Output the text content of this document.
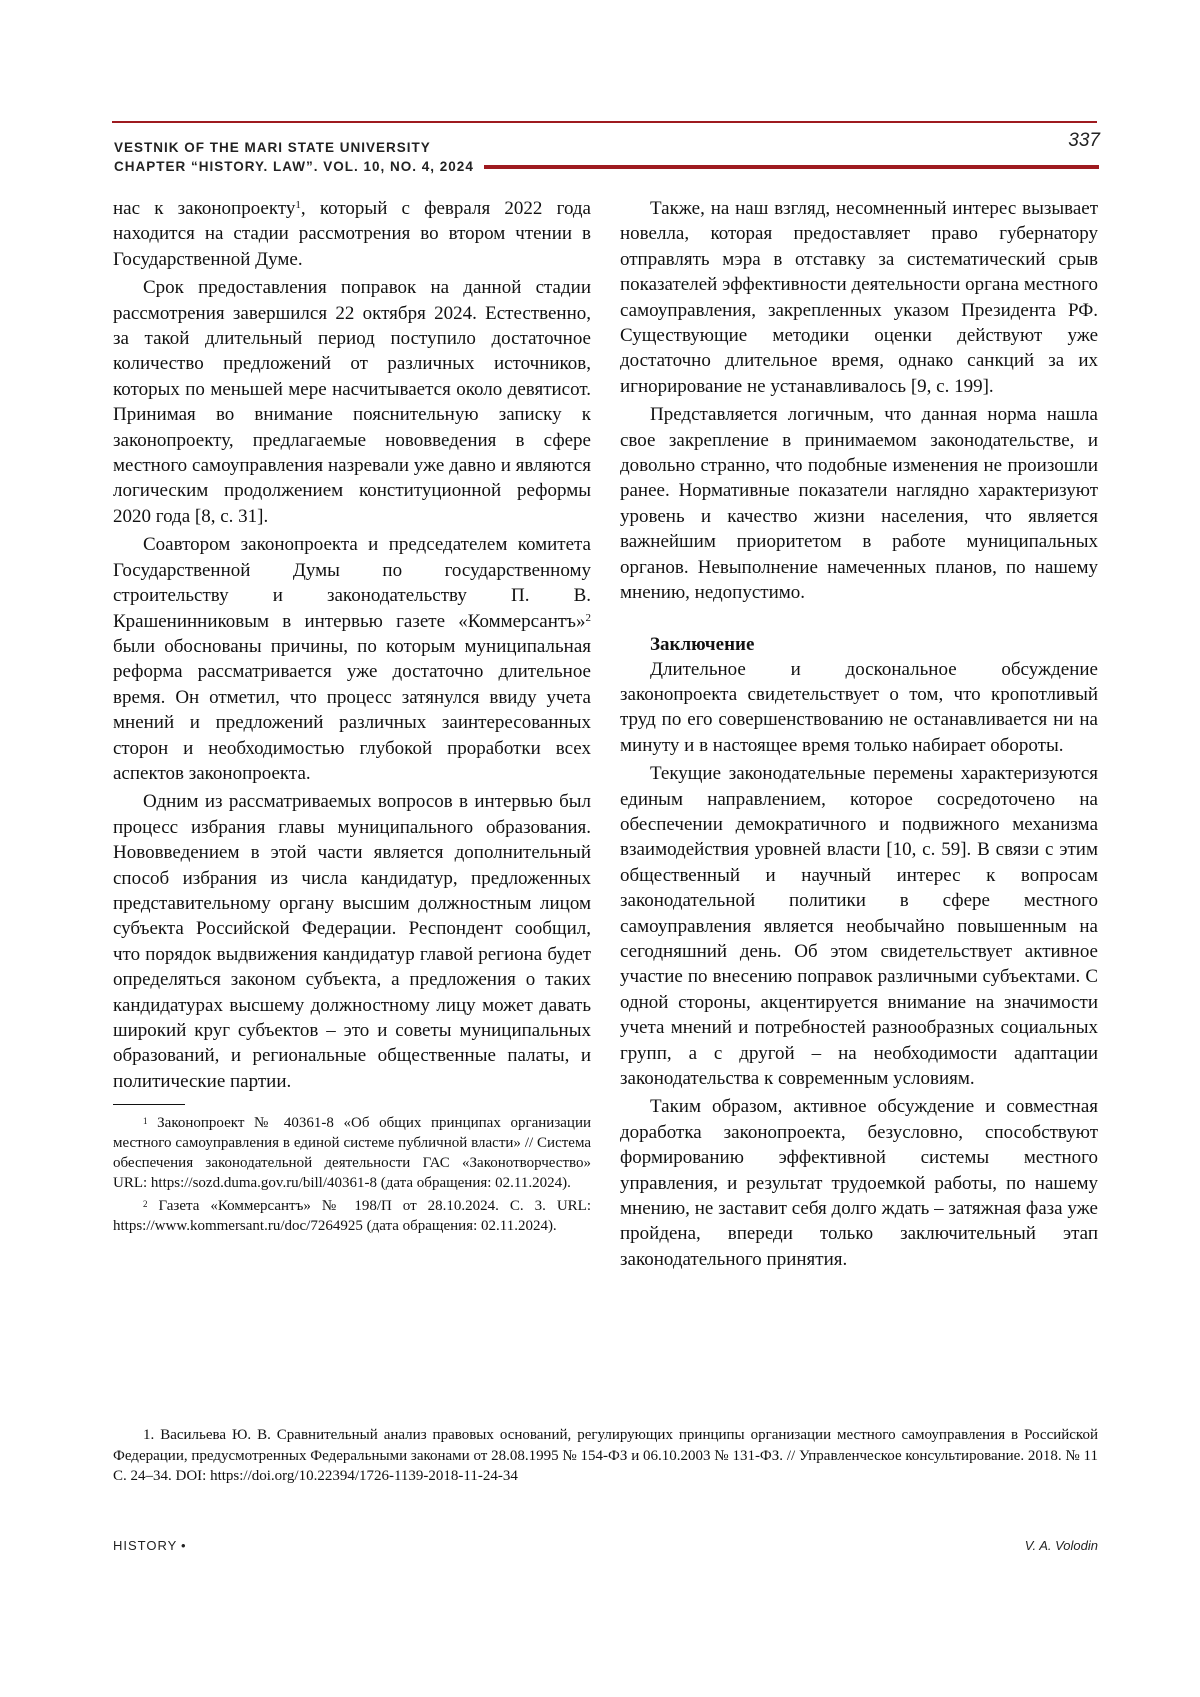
VESTNIK OF THE MARI STATE UNIVERSITY
CHAPTER “HISTORY. LAW”. VOL. 10, NO. 4, 2024
337

нас к законопроекту$^1$, который с февраля 2022 года находится на стадии рассмотрения во втором чтении в Государственной Думе.

Срок предоставления поправок на данной стадии рассмотрения завершился 22 октября 2024. Естественно, за такой длительный период поступило достаточное количество предложений от различных источников, которых по меньшей мере насчитывается около девятисот. Принимая во внимание пояснительную записку к законопроекту, предлагаемые нововведения в сфере местного самоуправления назревали уже давно и являются логическим продолжением конституционной реформы 2020 года [8, с. 31].

Соавтором законопроекта и председателем комитета Государственной Думы по государственному строительству и законодательству П. В. Крашенинниковым в интервью газете «Коммерсантъ»$^2$ были обоснованы причины, по которым муниципальная реформа рассматривается уже достаточно длительное время. Он отметил, что процесс затянулся ввиду учета мнений и предложений различных заинтересованных сторон и необходимостью глубокой проработки всех аспектов законопроекта.

Одним из рассматриваемых вопросов в интервью был процесс избрания главы муниципального образования. Нововведением в этой части является дополнительный способ избрания из числа кандидатур, предложенных представительному органу высшим должностным лицом субъекта Российской Федерации. Респондент сообщил, что порядок выдвижения кандидатур главой региона будет определяться законом субъекта, а предложения о таких кандидатурах высшему должностному лицу может давать широкий круг субъектов – это и советы муниципальных образований, и региональные общественные палаты, и политические партии.

$^1$ Законопроект № 40361-8 «Об общих принципах организации местного самоуправления в единой системе публичной власти» // Система обеспечения законодательной деятельности ГАС «Законотворчество» URL: https://sozd.duma.gov.ru/bill/40361-8 (дата обращения: 02.11.2024).

$^2$ Газета «Коммерсантъ» № 198/П от 28.10.2024. С. 3. URL: https://www.kommersant.ru/doc/7264925 (дата обращения: 02.11.2024).

Также, на наш взгляд, несомненный интерес вызывает новелла, которая предоставляет право губернатору отправлять мэра в отставку за систематический срыв показателей эффективности деятельности органа местного самоуправления, закрепленных указом Президента РФ. Существующие методики оценки действуют уже достаточно длительное время, однако санкций за их игнорирование не устанавливалось [9, с. 199].

Представляется логичным, что данная норма нашла свое закрепление в принимаемом законодательстве, и довольно странно, что подобные изменения не произошли ранее. Нормативные показатели наглядно характеризуют уровень и качество жизни населения, что является важнейшим приоритетом в работе муниципальных органов. Невыполнение намеченных планов, по нашему мнению, недопустимо.

Заключение

Длительное и доскональное обсуждение законопроекта свидетельствует о том, что кропотливый труд по его совершенствованию не останавливается ни на минуту и в настоящее время только набирает обороты.

Текущие законодательные перемены характеризуются единым направлением, которое сосредоточено на обеспечении демократичного и подвижного механизма взаимодействия уровней власти [10, с. 59]. В связи с этим общественный и научный интерес к вопросам законодательной политики в сфере местного самоуправления является необычайно повышенным на сегодняшний день. Об этом свидетельствует активное участие по внесению поправок различными субъектами. С одной стороны, акцентируется внимание на значимости учета мнений и потребностей разнообразных социальных групп, а с другой – на необходимости адаптации законодательства к современным условиям.

Таким образом, активное обсуждение и совместная доработка законопроекта, безусловно, способствуют формированию эффективной системы местного управления, и результат трудоемкой работы, по нашему мнению, не заставит себя долго ждать – затяжная фаза уже пройдена, впереди только заключительный этап законодательного принятия.

1. Васильева Ю. В. Сравнительный анализ правовых оснований, регулирующих принципы организации местного самоуправления в Российской Федерации, предусмотренных Федеральными законами от 28.08.1995 № 154-ФЗ и 06.10.2003 № 131-ФЗ. // Управленческое консультирование. 2018. № 11 С. 24–34. DOI: https://doi.org/10.22394/1726-1139-2018-11-24-34
HISTORY •	V. A. Volodin
